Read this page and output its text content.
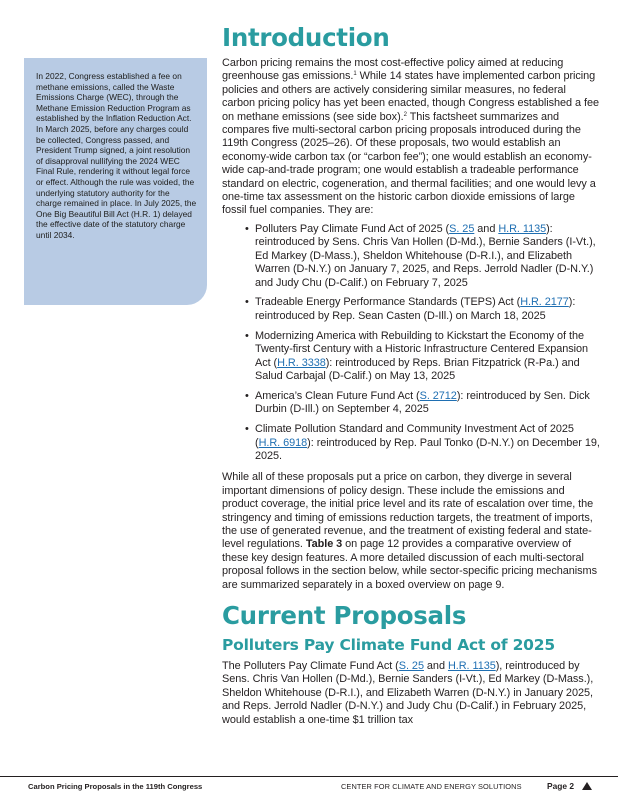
In 2022, Congress established a fee on methane emissions, called the Waste Emissions Charge (WEC), through the Methane Emission Reduction Program as established by the Inflation Reduction Act. In March 2025, before any charges could be collected, Congress passed, and President Trump signed, a joint resolution of disapproval nullifying the 2024 WEC Final Rule, rendering it without legal force or effect. Although the rule was voided, the underlying statutory authority for the charge remained in place. In July 2025, the One Big Beautiful Bill Act (H.R. 1) delayed the effective date of the statutory charge until 2034.
Introduction

Carbon pricing remains the most cost-effective policy aimed at reducing greenhouse gas emissions.$^1$ While 14 states have implemented carbon pricing policies and others are actively considering similar measures, no federal carbon pricing policy has yet been enacted, though Congress established a fee on methane emissions (see side box).$^2$ This factsheet summarizes and compares five multi-sectoral carbon pricing proposals introduced during the 119th Congress (2025–26). Of these proposals, two would establish an economy-wide carbon tax (or “carbon fee”); one would establish an economy-wide cap-and-trade program; one would establish a tradeable performance standard on electric, cogeneration, and thermal facilities; and one would levy a one-time tax assessment on the historic carbon dioxide emissions of large fossil fuel companies. They are:

• Polluters Pay Climate Fund Act of 2025 (S. 25 and H.R. 1135): reintroduced by Sens. Chris Van Hollen (D-Md.), Bernie Sanders (I-Vt.), Ed Markey (D-Mass.), Sheldon Whitehouse (D-R.I.), and Elizabeth Warren (D-N.Y.) on January 7, 2025, and Reps. Jerrold Nadler (D-N.Y.) and Judy Chu (D-Calif.) on February 7, 2025
• Tradeable Energy Performance Standards (TEPS) Act (H.R. 2177): reintroduced by Rep. Sean Casten (D-Ill.) on March 18, 2025
• Modernizing America with Rebuilding to Kickstart the Economy of the Twenty-first Century with a Historic Infrastructure Centered Expansion Act (H.R. 3338): reintroduced by Reps. Brian Fitzpatrick (R-Pa.) and Salud Carbajal (D-Calif.) on May 13, 2025
• America’s Clean Future Fund Act (S. 2712): reintroduced by Sen. Dick Durbin (D-Ill.) on September 4, 2025
• Climate Pollution Standard and Community Investment Act of 2025 (H.R. 6918): reintroduced by Rep. Paul Tonko (D-N.Y.) on December 19, 2025.

While all of these proposals put a price on carbon, they diverge in several important dimensions of policy design. These include the emissions and product coverage, the initial price level and its rate of escalation over time, the stringency and timing of emissions reduction targets, the treatment of imports, the use of generated revenue, and the treatment of existing federal and state-level regulations. Table 3 on page 12 provides a comparative overview of these key design features. A more detailed discussion of each multi-sectoral proposal follows in the section below, while sector-specific pricing mechanisms are summarized separately in a boxed overview on page 9.

Current Proposals
Polluters Pay Climate Fund Act of 2025

The Polluters Pay Climate Fund Act (S. 25 and H.R. 1135), reintroduced by Sens. Chris Van Hollen (D-Md.), Bernie Sanders (I-Vt.), Ed Markey (D-Mass.), Sheldon Whitehouse (D-R.I.), and Elizabeth Warren (D-N.Y.) in January 2025, and Reps. Jerrold Nadler (D-N.Y.) and Judy Chu (D-Calif.) in February 2025, would establish a one-time $1 trillion tax

Carbon Pricing Proposals in the 119th Congress	CENTER FOR CLIMATE AND ENERGY SOLUTIONS	Page 2
